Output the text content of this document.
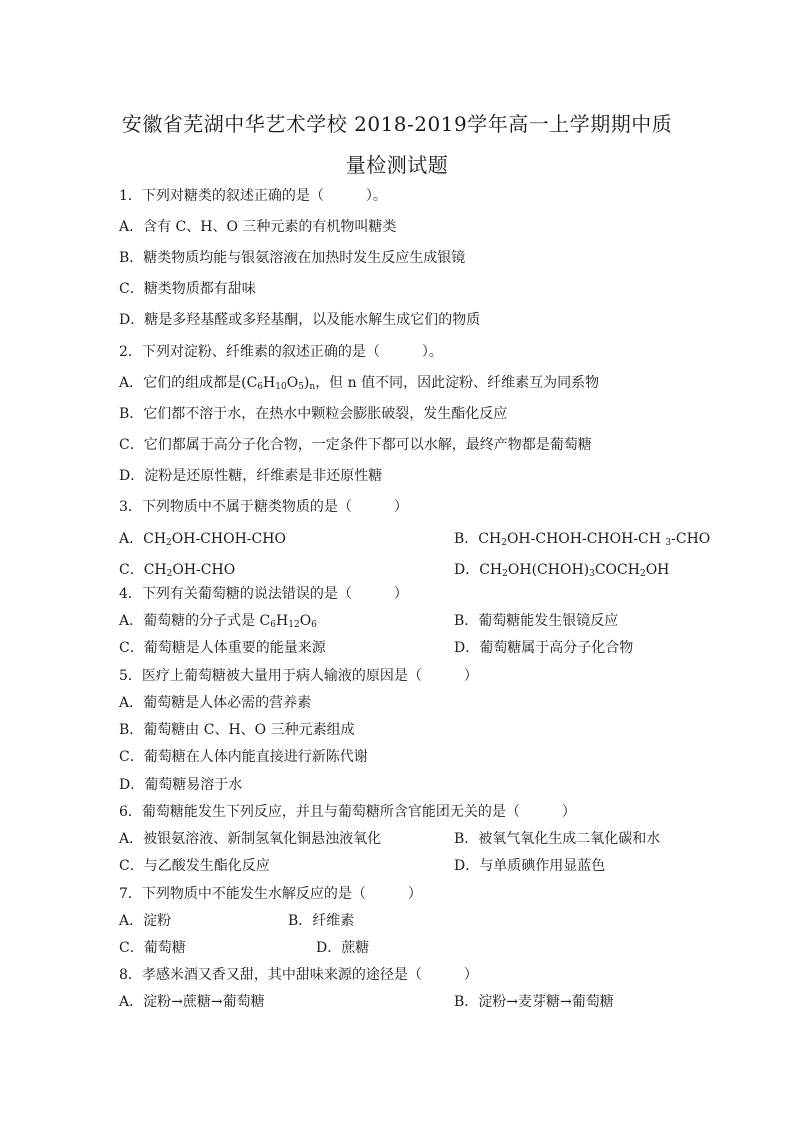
安徽省芜湖中华艺术学校 2018-2019学年高一上学期期中质
量检测试题
1．下列对糖类的叙述正确的是（　　　）。
A．含有 C、H、O 三种元素的有机物叫糖类
B．糖类物质均能与银氨溶液在加热时发生反应生成银镜
C．糖类物质都有甜味
D．糖是多羟基醛或多羟基酮，以及能水解生成它们的物质
2．下列对淀粉、纤维素的叙述正确的是（　　　）。
A．它们的组成都是$(C_6H_{10}O_5)_n$，但 n 值不同，因此淀粉、纤维素互为同系物
B．它们都不溶于水，在热水中颗粒会膨胀破裂，发生酯化反应
C．它们都属于高分子化合物，一定条件下都可以水解，最终产物都是葡萄糖
D．淀粉是还原性糖，纤维素是非还原性糖
3．下列物质中不属于糖类物质的是（　　　）
A．$CH_2OH-CHOH$-CHO	B．$CH_2OH-CHOH-CHOH-CH$ $_3$-CHO
C．$CH_2OH$-CHO	D．$CH_2OH(CHOH)_3COCH_2OH$
4．下列有关葡萄糖的说法错误的是（　　　）
A．葡萄糖的分子式是 $C_6H_{12}O_6$	B．葡萄糖能发生银镜反应
C．葡萄糖是人体重要的能量来源	D．葡萄糖属于高分子化合物
5．医疗上葡萄糖被大量用于病人输液的原因是（　　　）
A．葡萄糖是人体必需的营养素
B．葡萄糖由 C、H、O 三种元素组成
C．葡萄糖在人体内能直接进行新陈代谢
D．葡萄糖易溶于水
6．葡萄糖能发生下列反应，并且与葡萄糖所含官能团无关的是（　　　）
A．被银氨溶液、新制氢氧化铜悬浊液氧化	B．被氧气氧化生成二氧化碳和水
C．与乙酸发生酯化反应	D．与单质碘作用显蓝色
7．下列物质中不能发生水解反应的是（　　　）
A．淀粉	B．纤维素
C．葡萄糖	D．蔗糖
8．孝感米酒又香又甜，其中甜味来源的途径是（　　　）
A．淀粉→蔗糖→葡萄糖	B．淀粉→麦芽糖→葡萄糖
